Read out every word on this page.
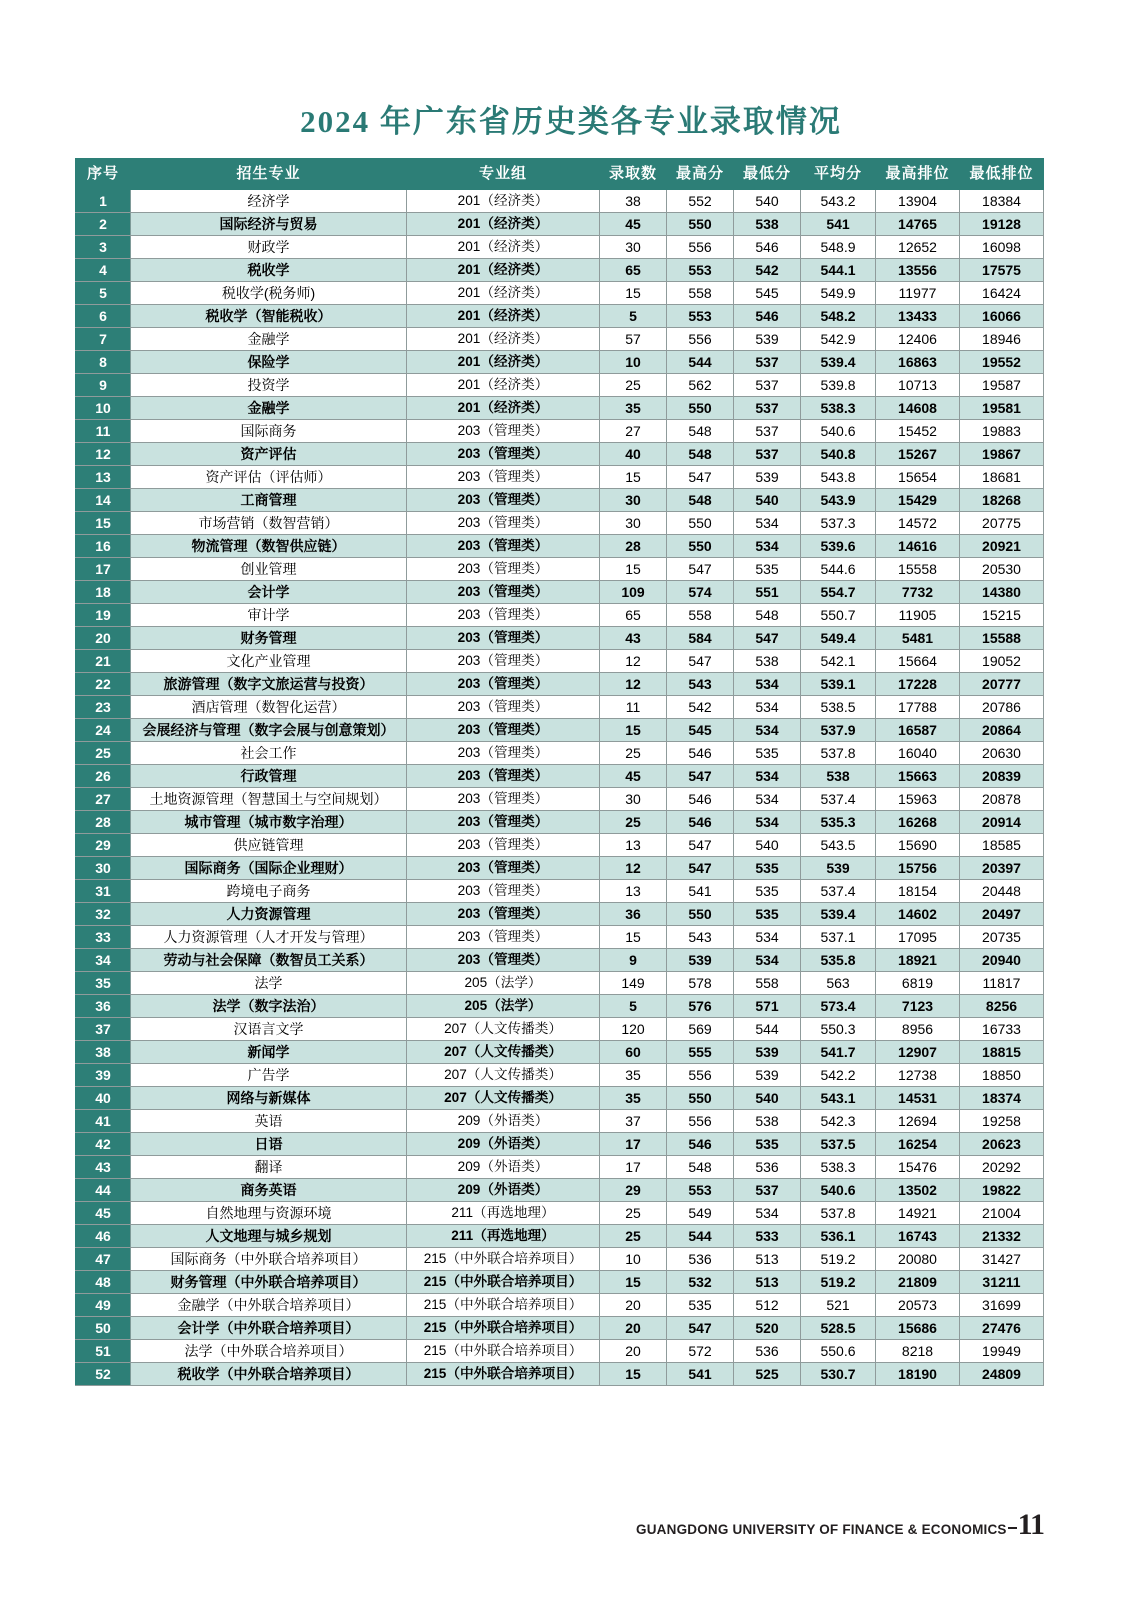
2024 年广东省历史类各专业录取情况
序号	招生专业	专业组	录取数	最高分	最低分	平均分	最高排位	最低排位
1	经济学	201（经济类）	38	552	540	543.2	13904	18384
2	国际经济与贸易	201（经济类）	45	550	538	541	14765	19128
3	财政学	201（经济类）	30	556	546	548.9	12652	16098
4	税收学	201（经济类）	65	553	542	544.1	13556	17575
5	税收学(税务师)	201（经济类）	15	558	545	549.9	11977	16424
6	税收学（智能税收）	201（经济类）	5	553	546	548.2	13433	16066
7	金融学	201（经济类）	57	556	539	542.9	12406	18946
8	保险学	201（经济类）	10	544	537	539.4	16863	19552
9	投资学	201（经济类）	25	562	537	539.8	10713	19587
10	金融学	201（经济类）	35	550	537	538.3	14608	19581
11	国际商务	203（管理类）	27	548	537	540.6	15452	19883
12	资产评估	203（管理类）	40	548	537	540.8	15267	19867
13	资产评估（评估师）	203（管理类）	15	547	539	543.8	15654	18681
14	工商管理	203（管理类）	30	548	540	543.9	15429	18268
15	市场营销（数智营销）	203（管理类）	30	550	534	537.3	14572	20775
16	物流管理（数智供应链）	203（管理类）	28	550	534	539.6	14616	20921
17	创业管理	203（管理类）	15	547	535	544.6	15558	20530
18	会计学	203（管理类）	109	574	551	554.7	7732	14380
19	审计学	203（管理类）	65	558	548	550.7	11905	15215
20	财务管理	203（管理类）	43	584	547	549.4	5481	15588
21	文化产业管理	203（管理类）	12	547	538	542.1	15664	19052
22	旅游管理（数字文旅运营与投资）	203（管理类）	12	543	534	539.1	17228	20777
23	酒店管理（数智化运营）	203（管理类）	11	542	534	538.5	17788	20786
24	会展经济与管理（数字会展与创意策划）	203（管理类）	15	545	534	537.9	16587	20864
25	社会工作	203（管理类）	25	546	535	537.8	16040	20630
26	行政管理	203（管理类）	45	547	534	538	15663	20839
27	土地资源管理（智慧国土与空间规划）	203（管理类）	30	546	534	537.4	15963	20878
28	城市管理（城市数字治理）	203（管理类）	25	546	534	535.3	16268	20914
29	供应链管理	203（管理类）	13	547	540	543.5	15690	18585
30	国际商务（国际企业理财）	203（管理类）	12	547	535	539	15756	20397
31	跨境电子商务	203（管理类）	13	541	535	537.4	18154	20448
32	人力资源管理	203（管理类）	36	550	535	539.4	14602	20497
33	人力资源管理（人才开发与管理）	203（管理类）	15	543	534	537.1	17095	20735
34	劳动与社会保障（数智员工关系）	203（管理类）	9	539	534	535.8	18921	20940
35	法学	205（法学）	149	578	558	563	6819	11817
36	法学（数字法治）	205（法学）	5	576	571	573.4	7123	8256
37	汉语言文学	207（人文传播类）	120	569	544	550.3	8956	16733
38	新闻学	207（人文传播类）	60	555	539	541.7	12907	18815
39	广告学	207（人文传播类）	35	556	539	542.2	12738	18850
40	网络与新媒体	207（人文传播类）	35	550	540	543.1	14531	18374
41	英语	209（外语类）	37	556	538	542.3	12694	19258
42	日语	209（外语类）	17	546	535	537.5	16254	20623
43	翻译	209（外语类）	17	548	536	538.3	15476	20292
44	商务英语	209（外语类）	29	553	537	540.6	13502	19822
45	自然地理与资源环境	211（再选地理）	25	549	534	537.8	14921	21004
46	人文地理与城乡规划	211（再选地理）	25	544	533	536.1	16743	21332
47	国际商务（中外联合培养项目）	215（中外联合培养项目）	10	536	513	519.2	20080	31427
48	财务管理（中外联合培养项目）	215（中外联合培养项目）	15	532	513	519.2	21809	31211
49	金融学（中外联合培养项目）	215（中外联合培养项目）	20	535	512	521	20573	31699
50	会计学（中外联合培养项目）	215（中外联合培养项目）	20	547	520	528.5	15686	27476
51	法学（中外联合培养项目）	215（中外联合培养项目）	20	572	536	550.6	8218	19949
52	税收学（中外联合培养项目）	215（中外联合培养项目）	15	541	525	530.7	18190	24809
GUANGDONG UNIVERSITY OF FINANCE & ECONOMICS 11
